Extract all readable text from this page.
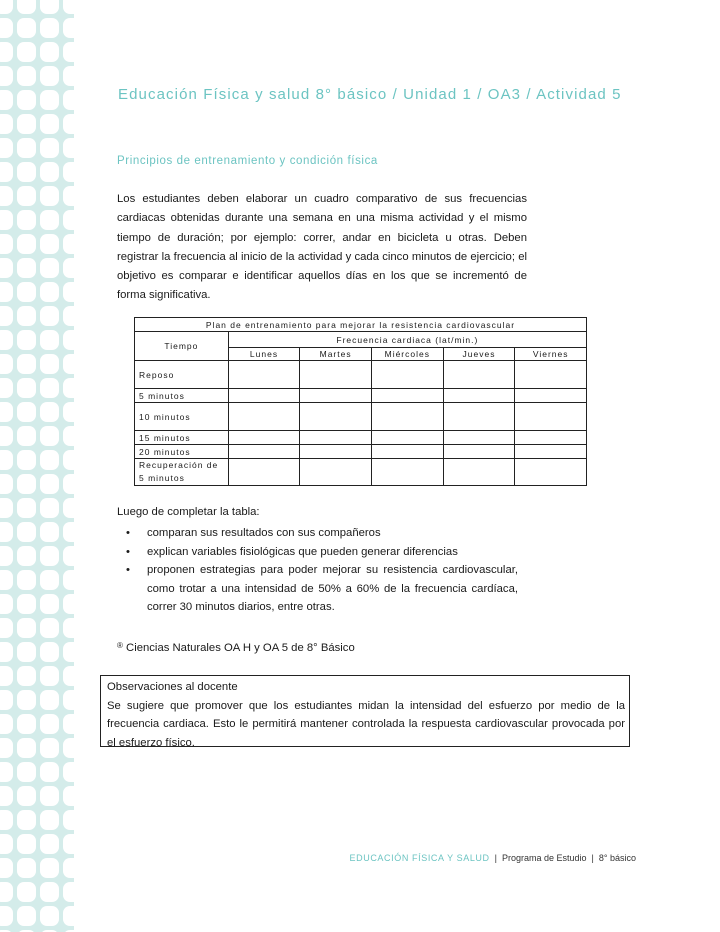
Educación Física y salud 8° básico / Unidad 1 / OA3 / Actividad 5
Principios de entrenamiento y condición física
Los estudiantes deben elaborar un cuadro comparativo de sus frecuencias cardiacas obtenidas durante una semana en una misma actividad y el mismo tiempo de duración; por ejemplo: correr, andar en bicicleta u otras. Deben registrar la frecuencia al inicio de la actividad y cada cinco minutos de ejercicio; el objetivo es comparar e identificar aquellos días en los que se incrementó de forma significativa.
Plan de entrenamiento para mejorar la resistencia cardiovascular					
Tiempo	Frecuencia cardiaca (lat/min.)				
	Lunes	Martes	Miércoles	Jueves	Viernes
Reposo					
5 minutos					
10 minutos					
15 minutos					
20 minutos					
Recuperación de 5 minutos					
Luego de completar la tabla:
• comparan sus resultados con sus compañeros
• explican variables fisiológicas que pueden generar diferencias
• proponen estrategias para poder mejorar su resistencia cardiovascular, como trotar a una intensidad de 50% a 60% de la frecuencia cardíaca, correr 30 minutos diarios, entre otras.
® Ciencias Naturales OA H y OA 5 de 8° Básico
Observaciones al docente
Se sugiere que promover que los estudiantes midan la intensidad del esfuerzo por medio de la frecuencia cardiaca. Esto le permitirá mantener controlada la respuesta cardiovascular provocada por el esfuerzo físico.
EDUCACIÓN FÍSICA Y SALUD | Programa de Estudio | 8° básico
